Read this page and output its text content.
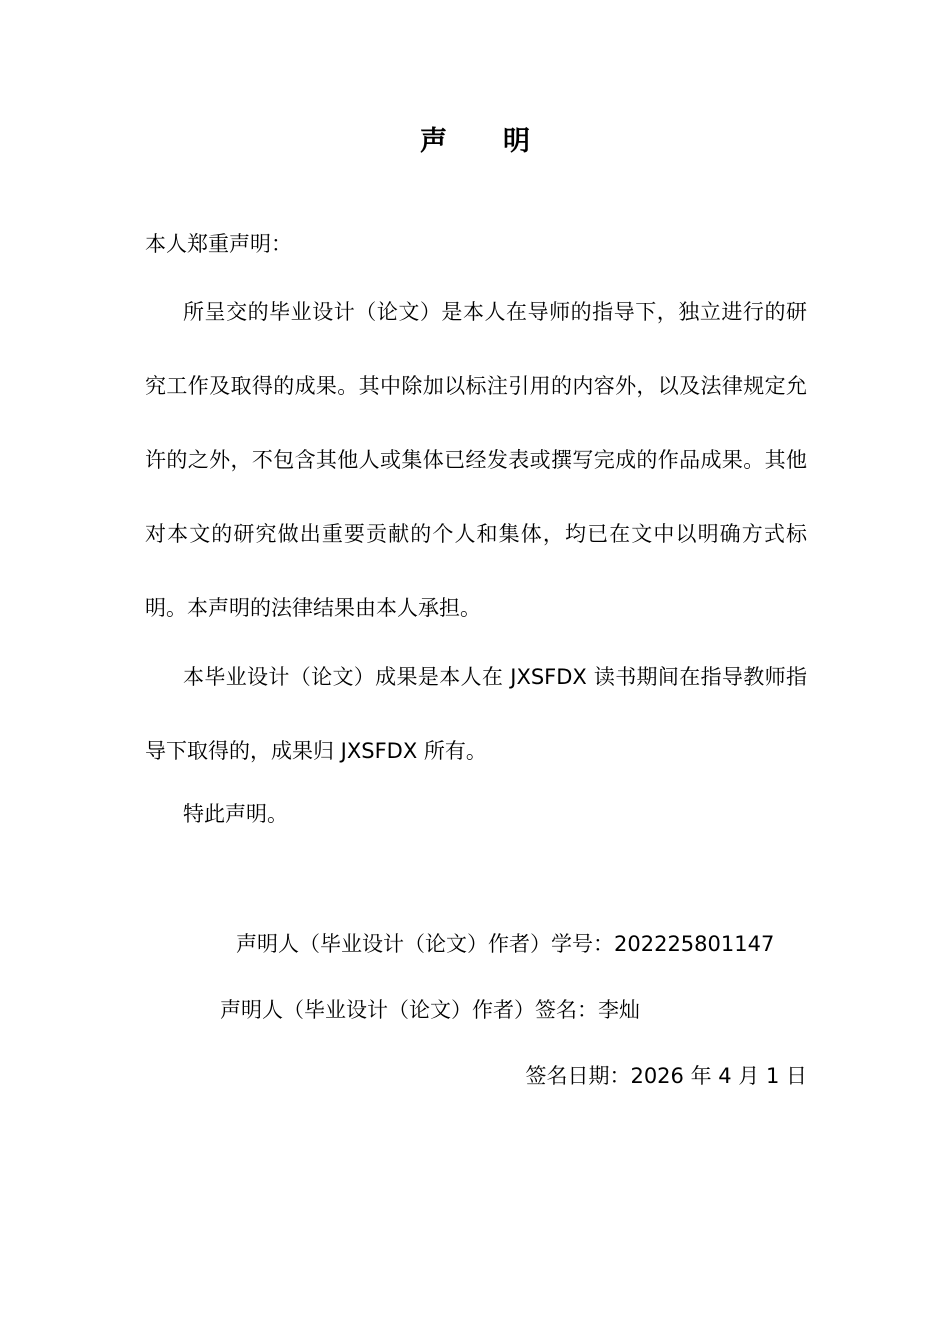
声明
本人郑重声明：
所呈交的毕业设计（论文）是本人在导师的指导下，独立进行的研究工作及取得的成果。其中除加以标注引用的内容外，以及法律规定允许的之外，不包含其他人或集体已经发表或撰写完成的作品成果。其他对本文的研究做出重要贡献的个人和集体，均已在文中以明确方式标明。本声明的法律结果由本人承担。
本毕业设计（论文）成果是本人在 JXSFDX 读书期间在指导教师指导下取得的，成果归 JXSFDX 所有。
特此声明。
声明人（毕业设计（论文）作者）学号：202225801147
声明人（毕业设计（论文）作者）签名：李灿
签名日期：2026 年 4 月 1 日
